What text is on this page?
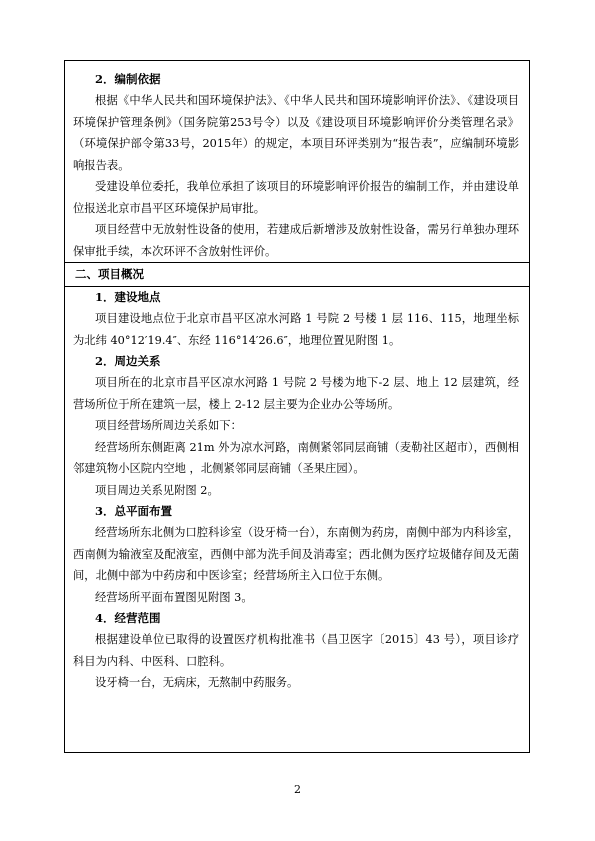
2．编制依据

根据《中华人民共和国环境保护法》、《中华人民共和国环境影响评价法》、《建设项目环境保护管理条例》（国务院第253号令）以及《建设项目环境影响评价分类管理名录》（环境保护部令第33号，2015年）的规定，本项目环评类别为“报告表”，应编制环境影响报告表。

受建设单位委托，我单位承担了该项目的环境影响评价报告的编制工作，并由建设单位报送北京市昌平区环境保护局审批。

项目经营中无放射性设备的使用，若建成后新增涉及放射性设备，需另行单独办理环保审批手续，本次环评不含放射性评价。

二、项目概况

1．建设地点

项目建设地点位于北京市昌平区凉水河路 1 号院 2 号楼 1 层 116、115，地理坐标为北纬 40°12′19.4″、东经 116°14′26.6″，地理位置见附图 1。

2．周边关系

项目所在的北京市昌平区凉水河路 1 号院 2 号楼为地下-2 层、地上 12 层建筑，经营场所位于所在建筑一层，楼上 2-12 层主要为企业办公等场所。

项目经营场所周边关系如下：

经营场所东侧距离 21m 外为凉水河路，南侧紧邻同层商铺（麦勒社区超市），西侧相邻建筑物小区院内空地 ，北侧紧邻同层商铺（圣果庄园）。

项目周边关系见附图 2。

3．总平面布置

经营场所东北侧为口腔科诊室（设牙椅一台），东南侧为药房，南侧中部为内科诊室，西南侧为输液室及配液室，西侧中部为洗手间及消毒室；西北侧为医疗垃圾储存间及无菌间，北侧中部为中药房和中医诊室；经营场所主入口位于东侧。

经营场所平面布置图见附图 3。

4．经营范围

根据建设单位已取得的设置医疗机构批准书（昌卫医字〔2015〕43 号），项目诊疗科目为内科、中医科、口腔科。

设牙椅一台，无病床，无熬制中药服务。

2
